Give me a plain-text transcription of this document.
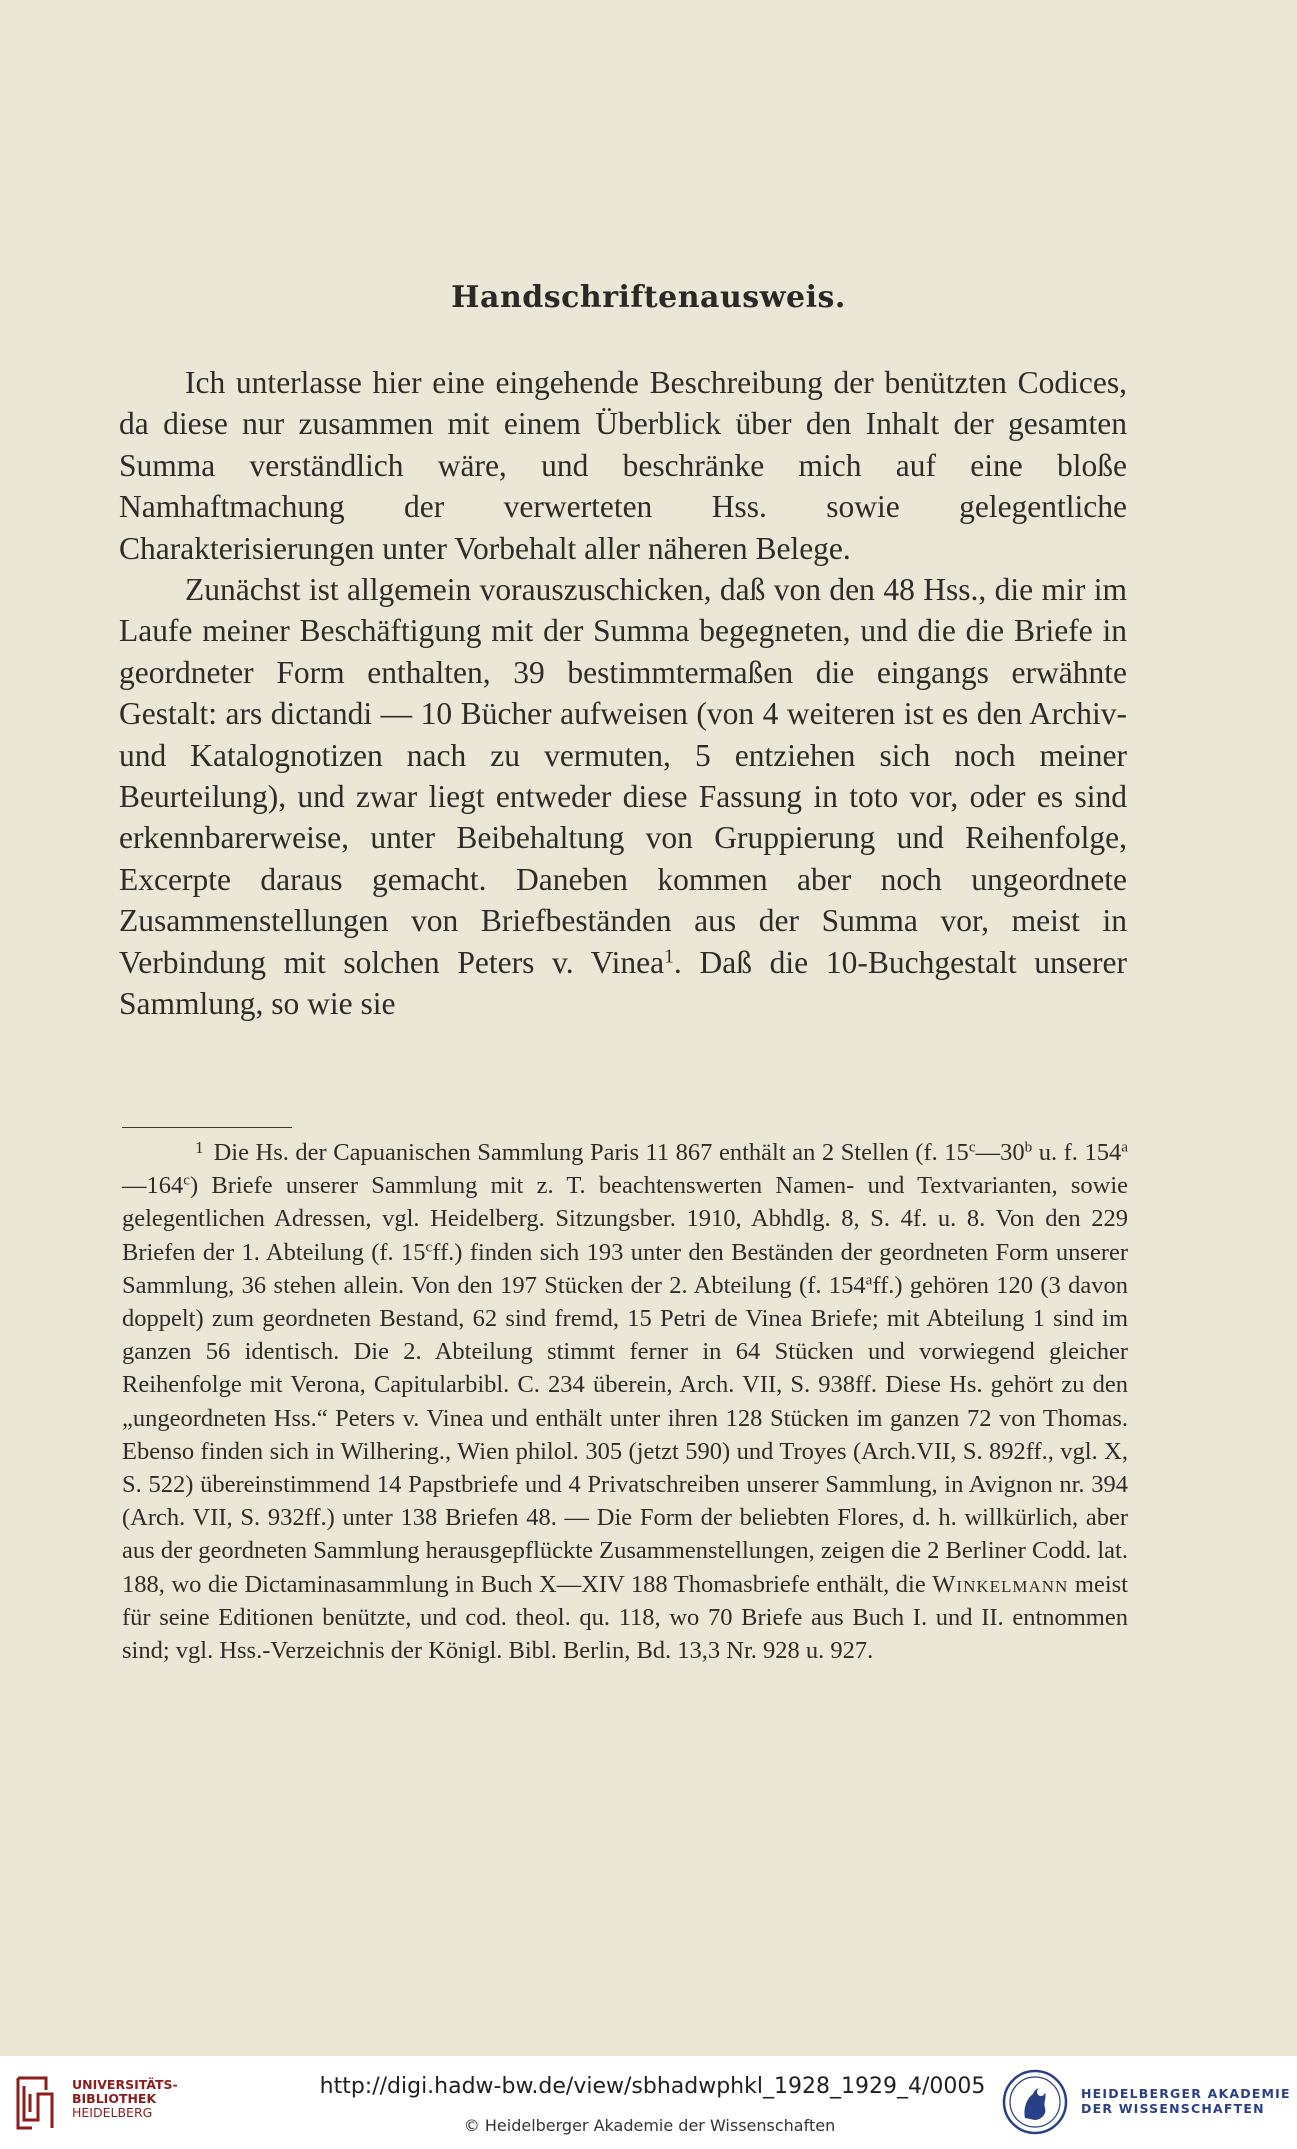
Handschriftenausweis.

Ich unterlasse hier eine eingehende Beschreibung der benützten Codices, da diese nur zusammen mit einem Überblick über den Inhalt der gesamten Summa verständlich wäre, und beschränke mich auf eine bloße Namhaftmachung der verwerteten Hss. sowie gelegentliche Charakterisierungen unter Vorbehalt aller näheren Belege.

Zunächst ist allgemein vorauszuschicken, daß von den 48 Hss., die mir im Laufe meiner Beschäftigung mit der Summa begegneten, und die die Briefe in geordneter Form enthalten, 39 bestimmtermaßen die eingangs erwähnte Gestalt: ars dictandi — 10 Bücher aufweisen (von 4 weiteren ist es den Archiv- und Katalognotizen nach zu vermuten, 5 entziehen sich noch meiner Beurteilung), und zwar liegt entweder diese Fassung in toto vor, oder es sind erkennbarerweise, unter Beibehaltung von Gruppierung und Reihenfolge, Excerpte daraus gemacht. Daneben kommen aber noch ungeordnete Zusammenstellungen von Briefbeständen aus der Summa vor, meist in Verbindung mit solchen Peters v. Vinea$^1$. Daß die 10-Buchgestalt unserer Sammlung, so wie sie

$^1$ Die Hs. der Capuanischen Sammlung Paris 11 867 enthält an 2 Stellen (f. 15$^c$—30$^b$ u. f. 154$^a$—164$^c$) Briefe unserer Sammlung mit z. T. beachtenswerten Namen- und Textvarianten, sowie gelegentlichen Adressen, vgl. Heidelberg. Sitzungsber. 1910, Abhdlg. 8, S. 4f. u. 8. Von den 229 Briefen der 1. Abteilung (f. 15$^c$ff.) finden sich 193 unter den Beständen der geordneten Form unserer Sammlung, 36 stehen allein. Von den 197 Stücken der 2. Abteilung (f. 154$^a$ff.) gehören 120 (3 davon doppelt) zum geordneten Bestand, 62 sind fremd, 15 Petri de Vinea Briefe; mit Abteilung 1 sind im ganzen 56 identisch. Die 2. Abteilung stimmt ferner in 64 Stücken und vorwiegend gleicher Reihenfolge mit Verona, Capitularbibl. C. 234 überein, Arch. VII, S. 938ff. Diese Hs. gehört zu den „ungeordneten Hss.“ Peters v. Vinea und enthält unter ihren 128 Stücken im ganzen 72 von Thomas. Ebenso finden sich in Wilhering., Wien philol. 305 (jetzt 590) und Troyes (Arch.VII, S. 892ff., vgl. X, S. 522) übereinstimmend 14 Papstbriefe und 4 Privatschreiben unserer Sammlung, in Avignon nr. 394 (Arch. VII, S. 932ff.) unter 138 Briefen 48. — Die Form der beliebten Flores, d. h. willkürlich, aber aus der geordneten Sammlung herausgepflückte Zusammenstellungen, zeigen die 2 Berliner Codd. lat. 188, wo die Dictaminasammlung in Buch X—XIV 188 Thomasbriefe enthält, die Winkelmann meist für seine Editionen benützte, und cod. theol. qu. 118, wo 70 Briefe aus Buch I. und II. entnommen sind; vgl. Hss.-Verzeichnis der Königl. Bibl. Berlin, Bd. 13,3 Nr. 928 u. 927.

UNIVERSITÄTS-
BIBLIOTHEK
HEIDELBERG
http://digi.hadw-bw.de/view/sbhadwphkl_1928_1929_4/0005
© Heidelberger Akademie der Wissenschaften
HEIDELBERGER AKADEMIE
DER WISSENSCHAFTEN
